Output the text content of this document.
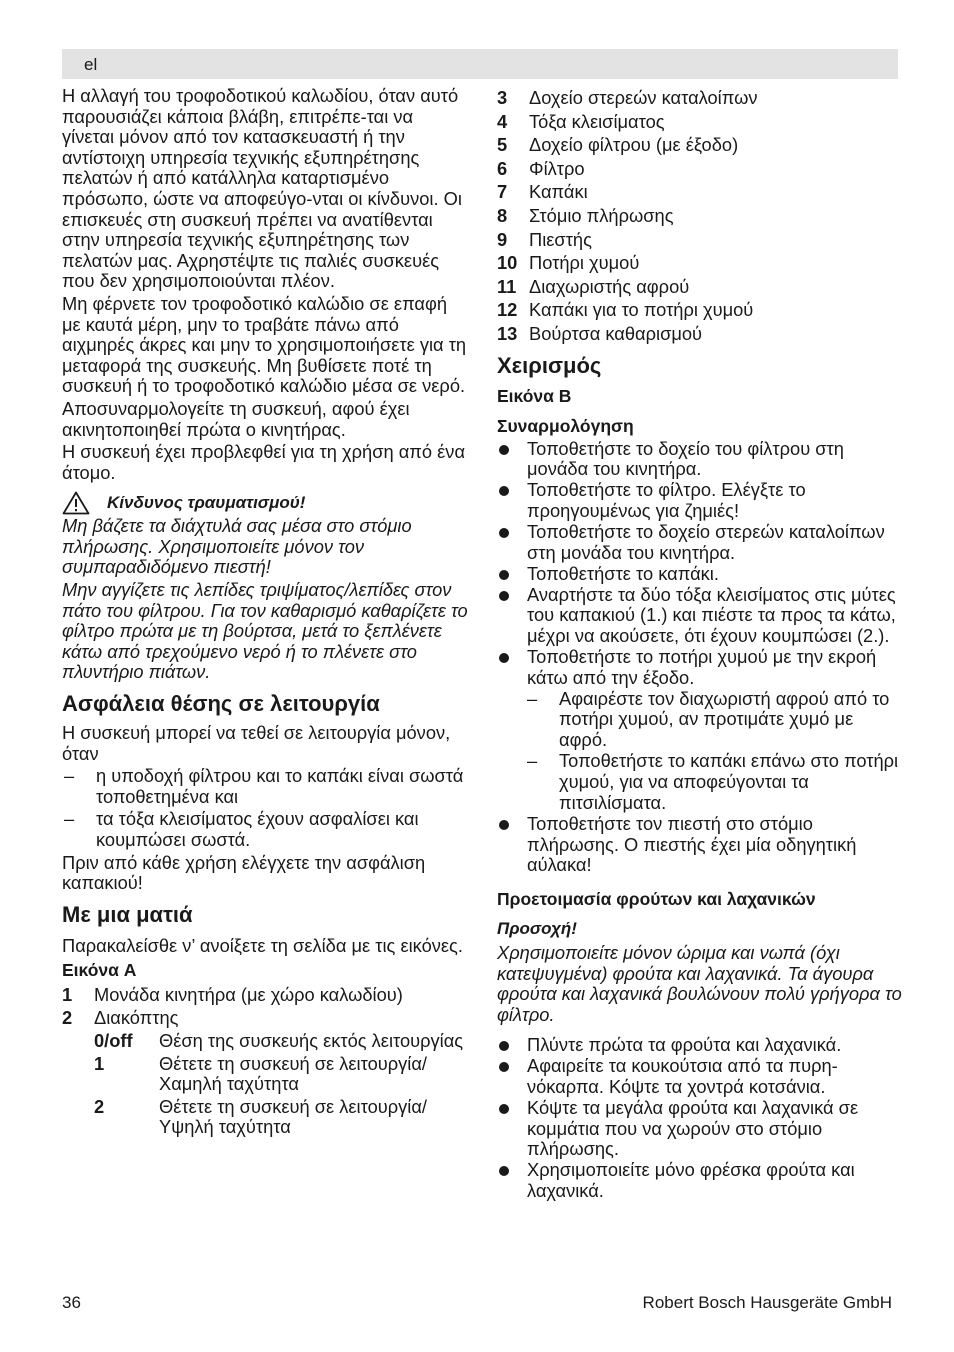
el

Η αλλαγή του τροφοδοτικού καλωδίου, όταν αυτό παρουσιάζει κάποια βλάβη, επιτρέπε-ται να γίνεται μόνον από τον κατασκευαστή ή την αντίστοιχη υπηρεσία τεχνικής εξυπηρέτησης πελατών ή από κατάλληλα καταρτισμένο πρόσωπο, ώστε να αποφεύγο-νται οι κίνδυνοι. Οι επισκευές στη συσκευή πρέπει να ανατίθενται στην υπηρεσία τεχνικής εξυπηρέτησης των πελατών μας. Αχρηστέψτε τις παλιές συσκευές που δεν χρησιμοποιούνται πλέον.

Μη φέρνετε τον τροφοδοτικό καλώδιο σε επαφή με καυτά μέρη, μην το τραβάτε πάνω από αιχμηρές άκρες και μην το χρησιμοποιήσετε για τη μεταφορά της συσκευής. Μη βυθίσετε ποτέ τη συσκευή ή το τροφοδοτικό καλώδιο μέσα σε νερό.

Αποσυναρμολογείτε τη συσκευή, αφού έχει ακινητοποιηθεί πρώτα ο κινητήρας.

Η συσκευή έχει προβλεφθεί για τη χρήση από ένα άτομο.

Κίνδυνος τραυματισμού!

Μη βάζετε τα διάχτυλά σας μέσα στο στόμιο πλήρωσης. Χρησιμοποιείτε μόνον τον συμπαραδιδόμενο πιεστή!

Μην αγγίζετε τις λεπίδες τριψίματος/λεπίδες στον πάτο του φίλτρου. Για τον καθαρισμό καθαρίζετε το φίλτρο πρώτα με τη βούρτσα, μετά το ξεπλένετε κάτω από τρεχούμενο νερό ή το πλένετε στο πλυντήριο πιάτων.

Ασφάλεια θέσης σε λειτουργία

Η συσκευή μπορεί να τεθεί σε λειτουργία μόνον, όταν

–	η υποδοχή φίλτρου και το καπάκι είναι σωστά τοποθετημένα και
–	τα τόξα κλεισίματος έχουν ασφαλίσει και κουμπώσει σωστά.

Πριν από κάθε χρήση ελέγχετε την ασφάλιση καπακιού!

Με μια ματιά

Παρακαλείσθε ν’ ανοίξετε τη σελίδα με τις εικόνες.

Εικόνα A
1	Μονάδα κινητήρα (με χώρο καλωδίου)
2	Διακόπτης
0/off	Θέση της συσκευής εκτός λειτουργίας
1	Θέτετε τη συσκευή σε λειτουργία/ Χαμηλή ταχύτητα
2	Θέτετε τη συσκευή σε λειτουργία/ Υψηλή ταχύτητα
3	Δοχείο στερεών καταλοίπων
4	Τόξα κλεισίματος
5	Δοχείο φίλτρου (με έξοδο)
6	Φίλτρο
7	Καπάκι
8	Στόμιο πλήρωσης
9	Πιεστής
10 Ποτήρι χυμού
11 Διαχωριστής αφρού
12 Καπάκι για το ποτήρι χυμού
13 Βούρτσα καθαρισμού
Χειρισμός
Εικόνα B
Συναρμολόγηση
Τοποθετήστε το δοχείο του φίλτρου στη μονάδα του κινητήρα.
Τοποθετήστε το φίλτρο. Ελέγξτε το προηγουμένως για ζημιές!
Τοποθετήστε το δοχείο στερεών καταλοίπων στη μονάδα του κινητήρα.
Τοποθετήστε το καπάκι.
Αναρτήστε τα δύο τόξα κλεισίματος στις μύτες του καπακιού (1.) και πιέστε τα προς τα κάτω, μέχρι να ακούσετε, ότι έχουν κουμπώσει (2.).
Τοποθετήστε το ποτήρι χυμού με την εκροή κάτω από την έξοδο.
–	Αφαιρέστε τον διαχωριστή αφρού από το ποτήρι χυμού, αν προτιμάτε χυμό με αφρό.
–	Τοποθετήστε το καπάκι επάνω στο ποτήρι χυμού, για να αποφεύγονται τα πιτσιλίσματα.
Τοποθετήστε τον πιεστή στο στόμιο πλήρωσης. Ο πιεστής έχει μία οδηγητική αύλακα!
Προετοιμασία φρούτων και λαχανικών
Προσοχή!

Χρησιμοποιείτε μόνον ώριμα και νωπά (όχι κατεψυγμένα) φρούτα και λαχανικά. Τα άγουρα φρούτα και λαχανικά βουλώνουν πολύ γρήγορα το φίλτρο.

Πλύντε πρώτα τα φρούτα και λαχανικά.
Αφαιρείτε τα κουκούτσια από τα πυρη-νόκαρπα. Κόψτε τα χοντρά κοτσάνια.
Κόψτε τα μεγάλα φρούτα και λαχανικά σε κομμάτια που να χωρούν στο στόμιο πλήρωσης.
Χρησιμοποιείτε μόνο φρέσκα φρούτα και λαχανικά.
36	Robert Bosch Hausgeräte GmbH
